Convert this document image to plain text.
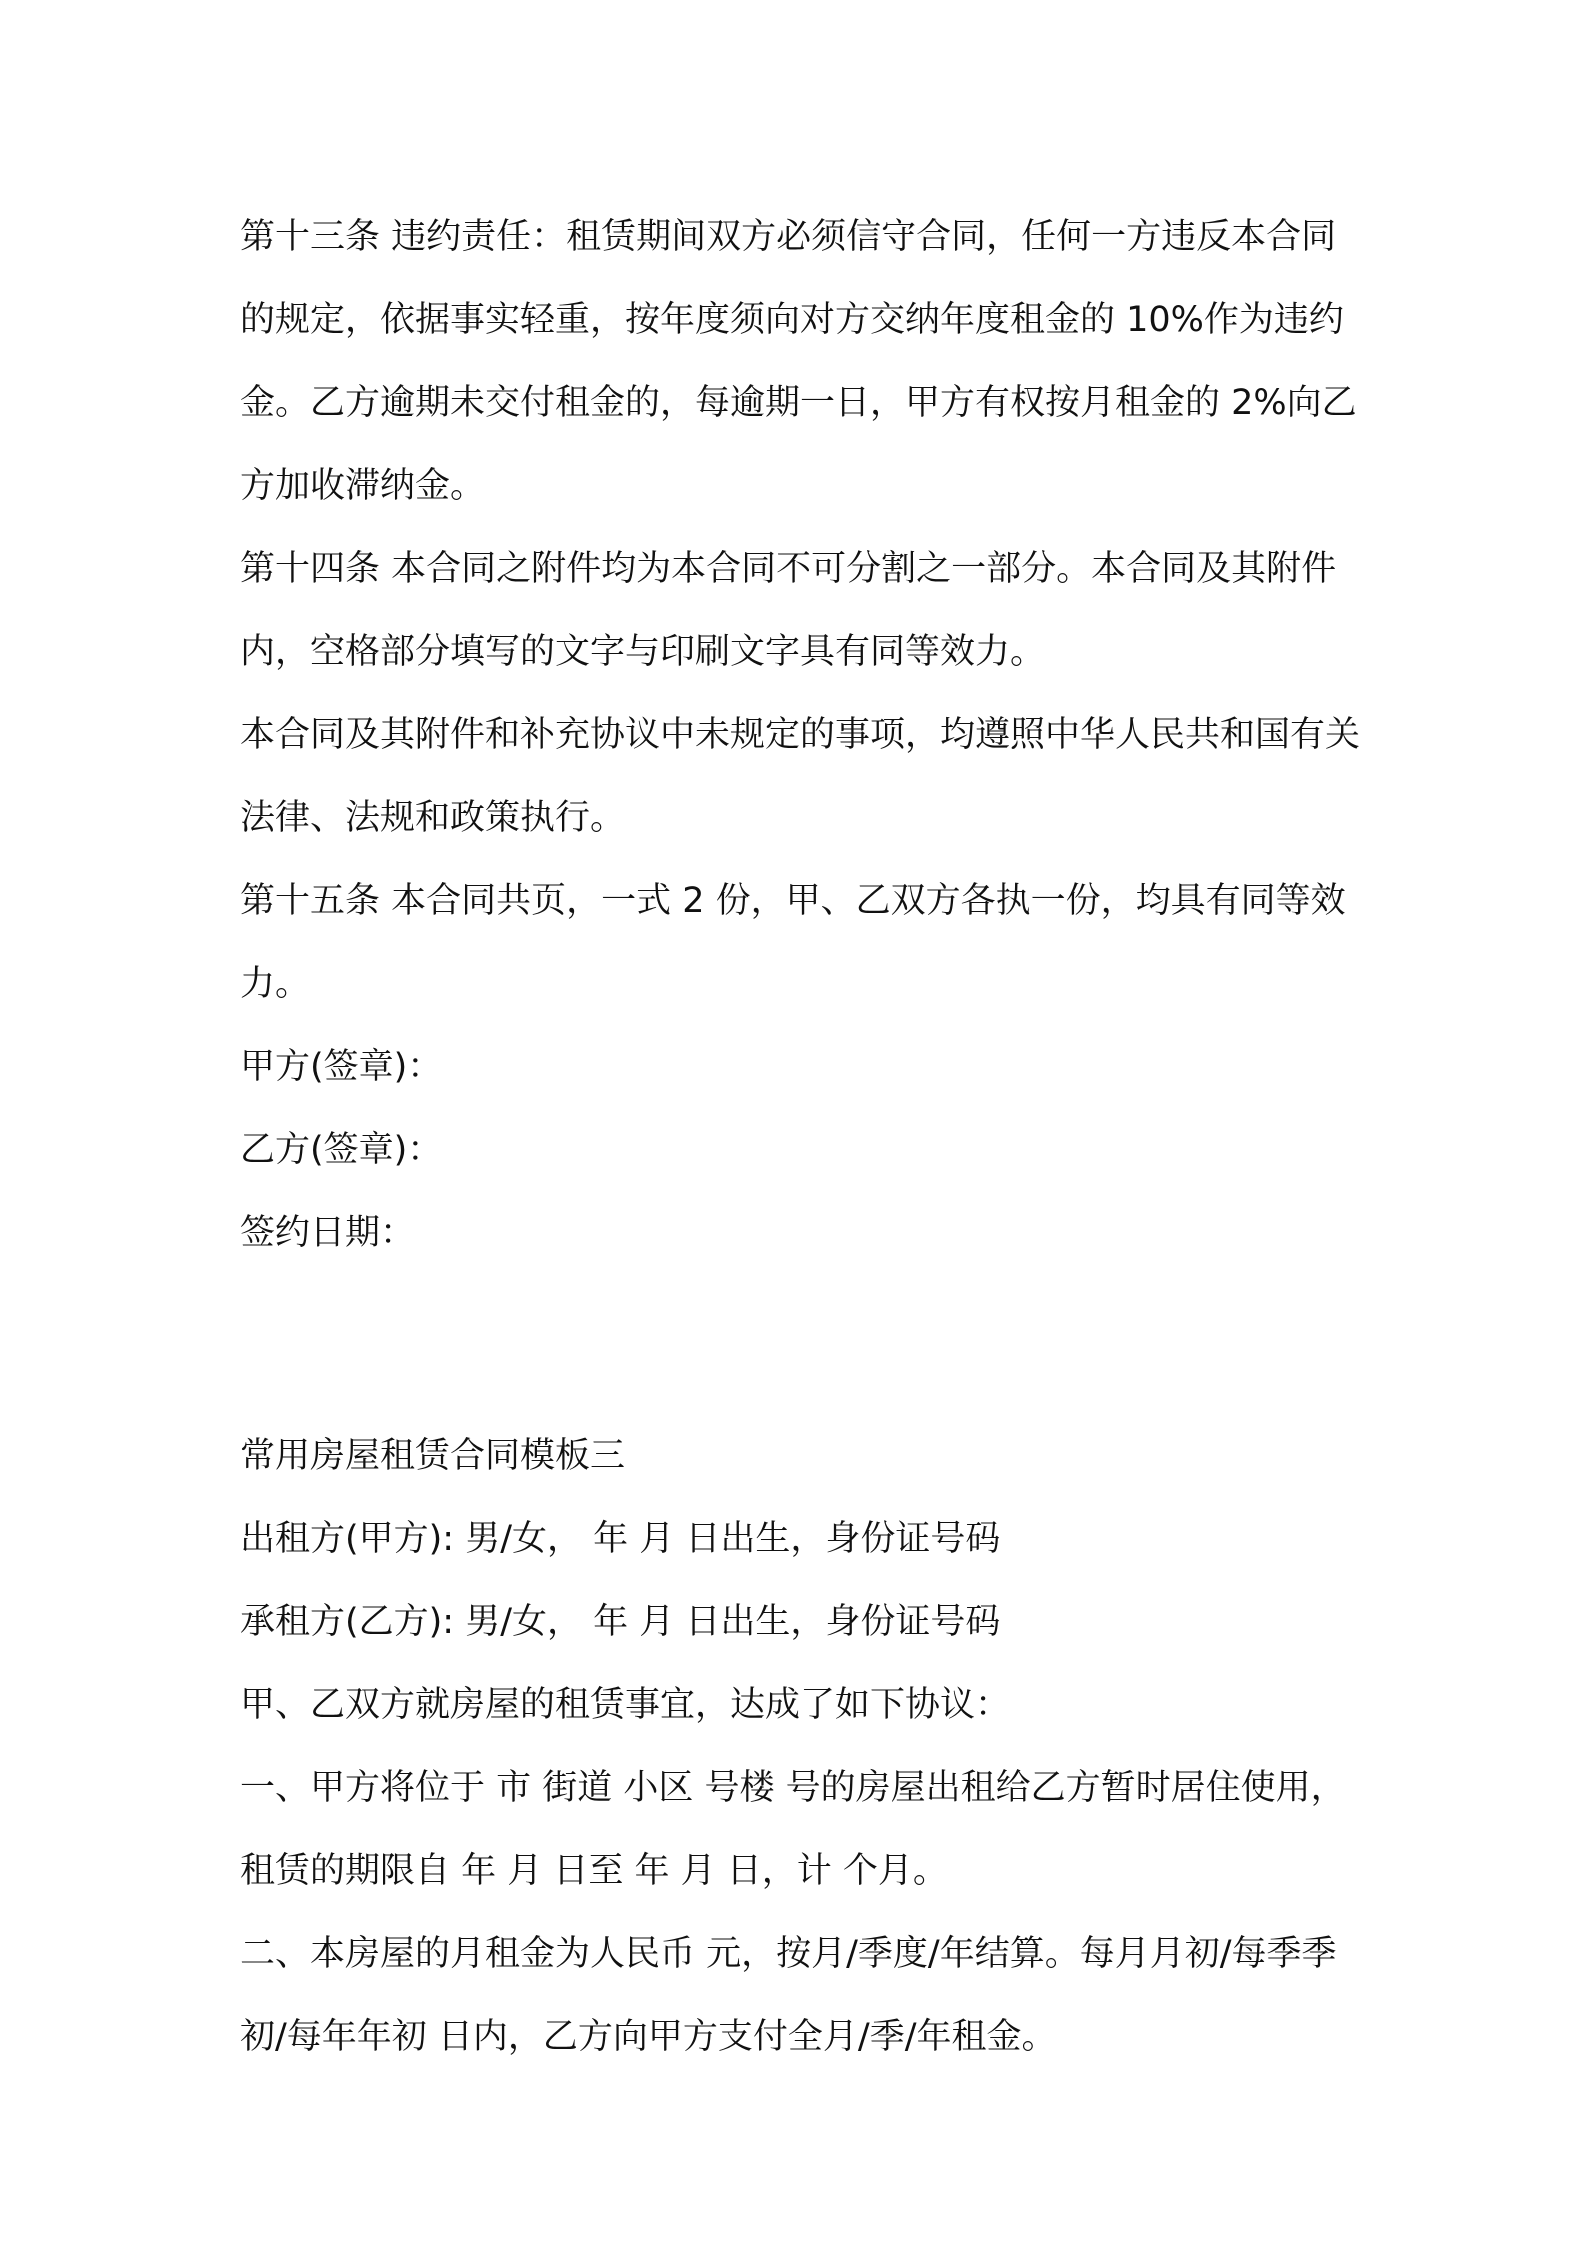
第十三条 违约责任：租赁期间双方必须信守合同，任何一方违反本合同的规定，依据事实轻重，按年度须向对方交纳年度租金的 10%作为违约金。乙方逾期未交付租金的，每逾期一日，甲方有权按月租金的 2%向乙方加收滞纳金。

第十四条 本合同之附件均为本合同不可分割之一部分。本合同及其附件内，空格部分填写的文字与印刷文字具有同等效力。

本合同及其附件和补充协议中未规定的事项，均遵照中华人民共和国有关法律、法规和政策执行。

第十五条 本合同共页，一式 2 份，甲、乙双方各执一份，均具有同等效力。

甲方(签章)：

乙方(签章)：

签约日期：

常用房屋租赁合同模板三

出租方(甲方): 男/女， 年 月 日出生，身份证号码

承租方(乙方): 男/女， 年 月 日出生，身份证号码

甲、乙双方就房屋的租赁事宜，达成了如下协议：

一、甲方将位于 市 街道 小区 号楼 号的房屋出租给乙方暂时居住使用，租赁的期限自 年 月 日至 年 月 日，计 个月。

二、本房屋的月租金为人民币 元，按月/季度/年结算。每月月初/每季季初/每年年初 日内，乙方向甲方支付全月/季/年租金。
